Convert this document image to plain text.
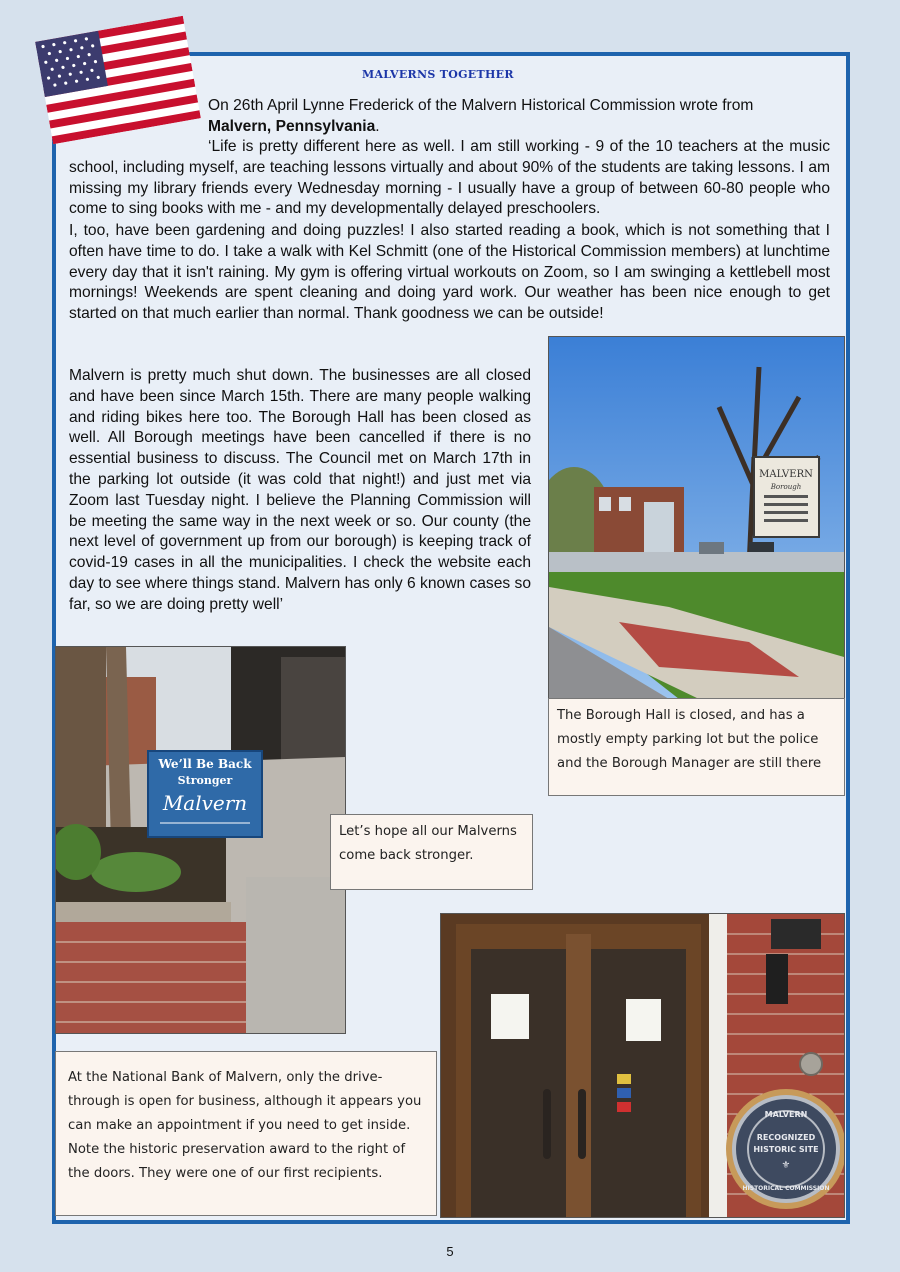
MALVERNS TOGETHER

On 26th April Lynne Frederick of the Malvern Historical Commission wrote from
Malvern, Pennsylvania.

‘Life is pretty different here as well. I am still working - 9 of the 10 teachers at the music school, including myself, are teaching lessons virtually and about 90% of the students are taking lessons. I am missing my library friends every Wednesday morning - I usually have a group of between 60-80 people who come to sing books with me - and my developmentally delayed preschoolers.

I, too, have been gardening and doing puzzles! I also started reading a book, which is not something that I often have time to do. I take a walk with Kel Schmitt (one of the Historical Commission members) at lunchtime every day that it isn't raining. My gym is offering virtual workouts on Zoom, so I am swinging a kettlebell most mornings! Weekends are spent cleaning and doing yard work. Our weather has been nice enough to get started on that much earlier than normal. Thank goodness we can be outside!

Malvern is pretty much shut down. The businesses are all closed and have been since March 15th. There are many people walking and riding bikes here too. The Borough Hall has been closed as well. All Borough meetings have been cancelled if there is no essential business to discuss. The Council met on March 17th in the parking lot outside (it was cold that night!) and just met via Zoom last Tuesday night. I believe the Planning Commission will be meeting the same way in the next week or so. Our county (the next level of government up from our borough) is keeping track of covid-19 cases in all the municipalities. I check the website each day to see where things stand. Malvern has only 6 known cases so far, so we are doing pretty well’

MALVERN
Borough
The Borough Hall is closed, and has a mostly empty parking lot but the police and the Borough Manager are still there
We’ll Be Back
Stronger
Malvern
Let’s hope all our Malverns come back stronger.
MALVERN
RECOGNIZED
HISTORIC SITE
⚜
HISTORICAL COMMISSION
At the National Bank of Malvern, only the drive-through is open for business, although it appears you can make an appointment if you need to get inside.
Note the historic preservation award to the right of the doors. They were one of our first recipients.
5
